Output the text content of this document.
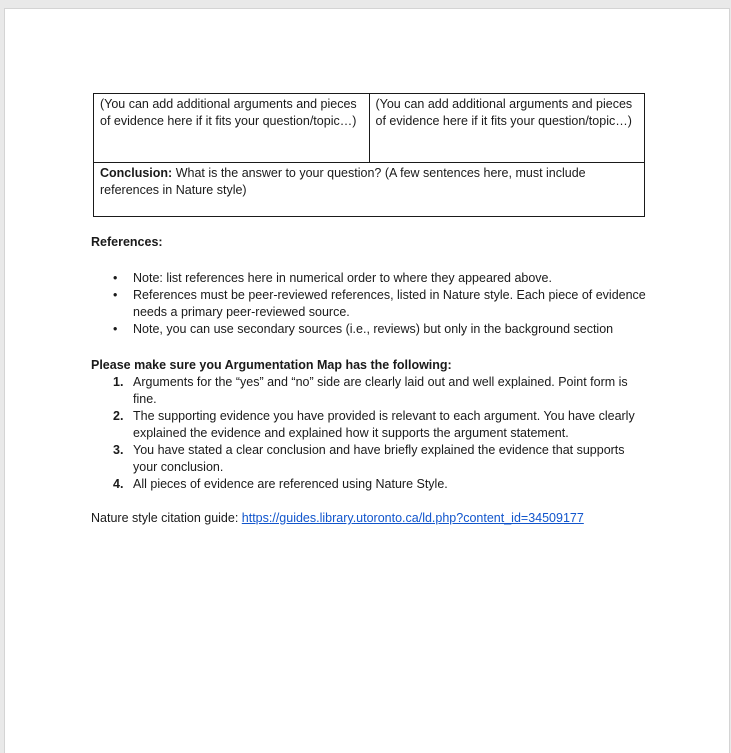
(You can add additional arguments and pieces of evidence here if it fits your question/topic…)	(You can add additional arguments and pieces of evidence here if it fits your question/topic…)
Conclusion: What is the answer to your question? (A few sentences here, must include references in Nature style)
References:
• Note: list references here in numerical order to where they appeared above.
• References must be peer-reviewed references, listed in Nature style. Each piece of evidence needs a primary peer-reviewed source.
• Note, you can use secondary sources (i.e., reviews) but only in the background section
Please make sure you Argumentation Map has the following:
1. Arguments for the “yes” and “no” side are clearly laid out and well explained. Point form is fine.
2. The supporting evidence you have provided is relevant to each argument. You have clearly explained the evidence and explained how it supports the argument statement.
3. You have stated a clear conclusion and have briefly explained the evidence that supports your conclusion.
4. All pieces of evidence are referenced using Nature Style.
Nature style citation guide: https://guides.library.utoronto.ca/ld.php?content_id=34509177
